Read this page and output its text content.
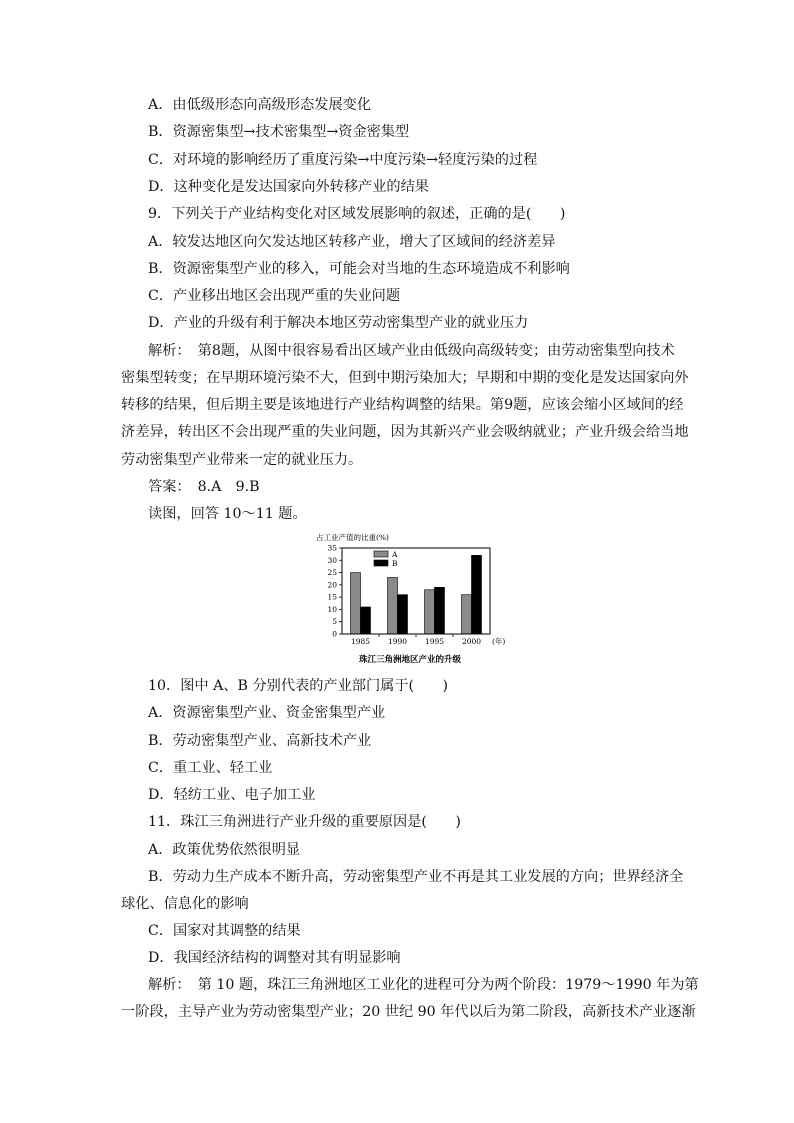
A．由低级形态向高级形态发展变化
B．资源密集型→技术密集型→资金密集型
C．对环境的影响经历了重度污染→中度污染→轻度污染的过程
D．这种变化是发达国家向外转移产业的结果
9．下列关于产业结构变化对区域发展影响的叙述，正确的是(　　)
A．较发达地区向欠发达地区转移产业，增大了区域间的经济差异
B．资源密集型产业的移入，可能会对当地的生态环境造成不利影响
C．产业移出地区会出现严重的失业问题
D．产业的升级有利于解决本地区劳动密集型产业的就业压力
解析：　第8题，从图中很容易看出区域产业由低级向高级转变；由劳动密集型向技术
密集型转变；在早期环境污染不大，但到中期污染加大；早期和中期的变化是发达国家向外
转移的结果，但后期主要是该地进行产业结构调整的结果。第9题，应该会缩小区域间的经
济差异，转出区不会出现严重的失业问题，因为其新兴产业会吸纳就业；产业升级会给当地
劳动密集型产业带来一定的就业压力。
答案：　8.A　9.B
读图，回答 10～11 题。
占工业产值的比重(%)
0
5
10
15
20
25
30
35
1985 1990 1995 2000
A
B
(年)
珠江三角洲地区产业的升级
10．图中 A、B 分别代表的产业部门属于(　　)
A．资源密集型产业、资金密集型产业
B．劳动密集型产业、高新技术产业
C．重工业、轻工业
D．轻纺工业、电子加工业
11．珠江三角洲进行产业升级的重要原因是(　　)
A．政策优势依然很明显
B．劳动力生产成本不断升高，劳动密集型产业不再是其工业发展的方向；世界经济全
球化、信息化的影响
C．国家对其调整的结果
D．我国经济结构的调整对其有明显影响
解析：　第 10 题，珠江三角洲地区工业化的进程可分为两个阶段：1979～1990 年为第
一阶段，主导产业为劳动密集型产业；20 世纪 90 年代以后为第二阶段，高新技术产业逐渐
